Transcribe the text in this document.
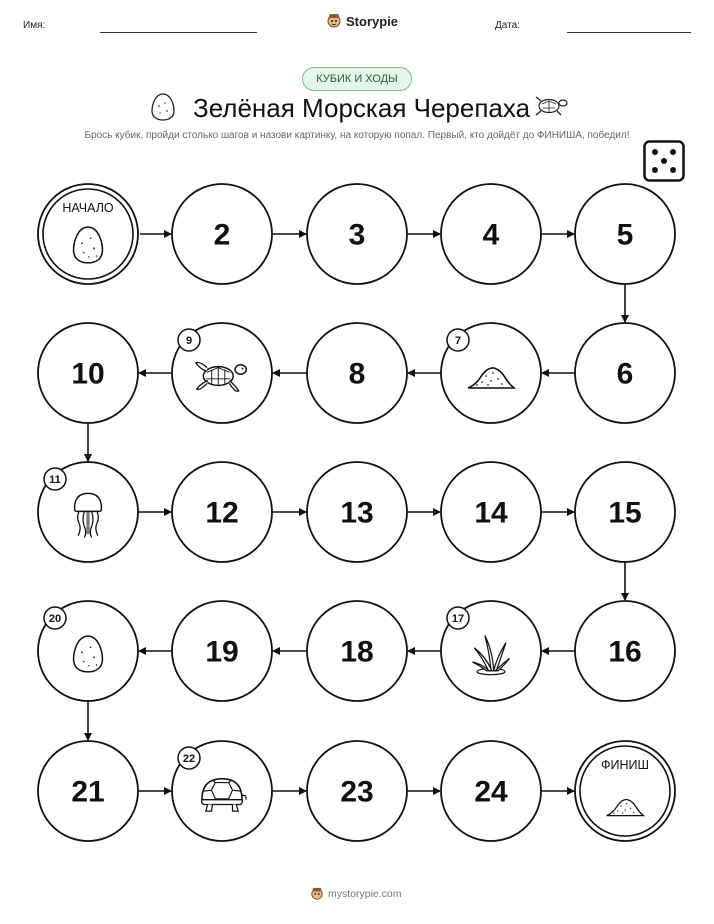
Имя:	Storypie	Дата:
КУБИК И ХОДЫ
Зелёная Морская Черепаха
Брось кубик, пройди столько шагов и назови картинку, на которую попал. Первый, кто дойдёт до ФИНИША, победил!
НАЧАЛО
2	3	4	5
6
7
8
9
10
11
12	13	14	15
16
17
18
19
20
21
22
23	24
ФИНИШ
mystorypie.com
